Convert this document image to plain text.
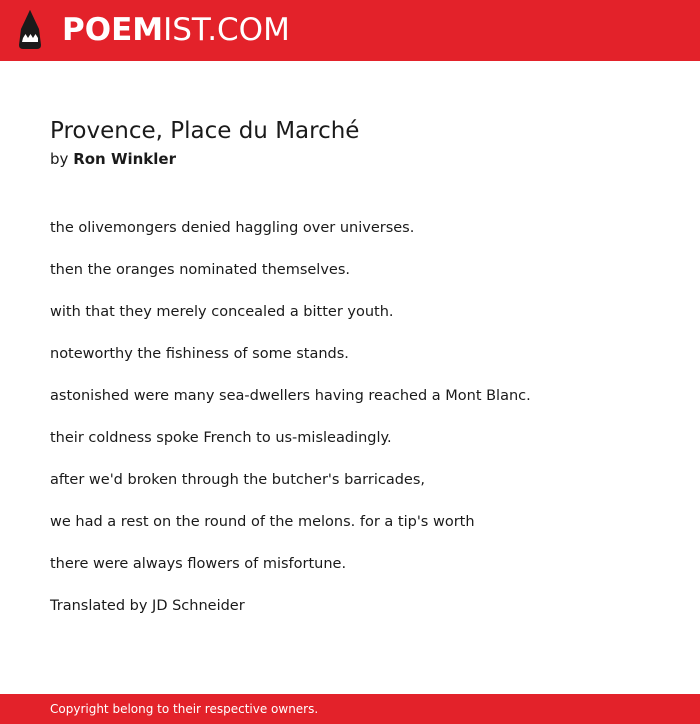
POEMIST.COM
Provence, Place du Marché
by Ron Winkler
the olivemongers denied haggling over universes.
then the oranges nominated themselves.
with that they merely concealed a bitter youth.
noteworthy the fishiness of some stands.
astonished were many sea-dwellers having reached a Mont Blanc.
their coldness spoke French to us-misleadingly.
after we'd broken through the butcher's barricades,
we had a rest on the round of the melons. for a tip's worth
there were always flowers of misfortune.
Translated by JD Schneider
Copyright belong to their respective owners.
